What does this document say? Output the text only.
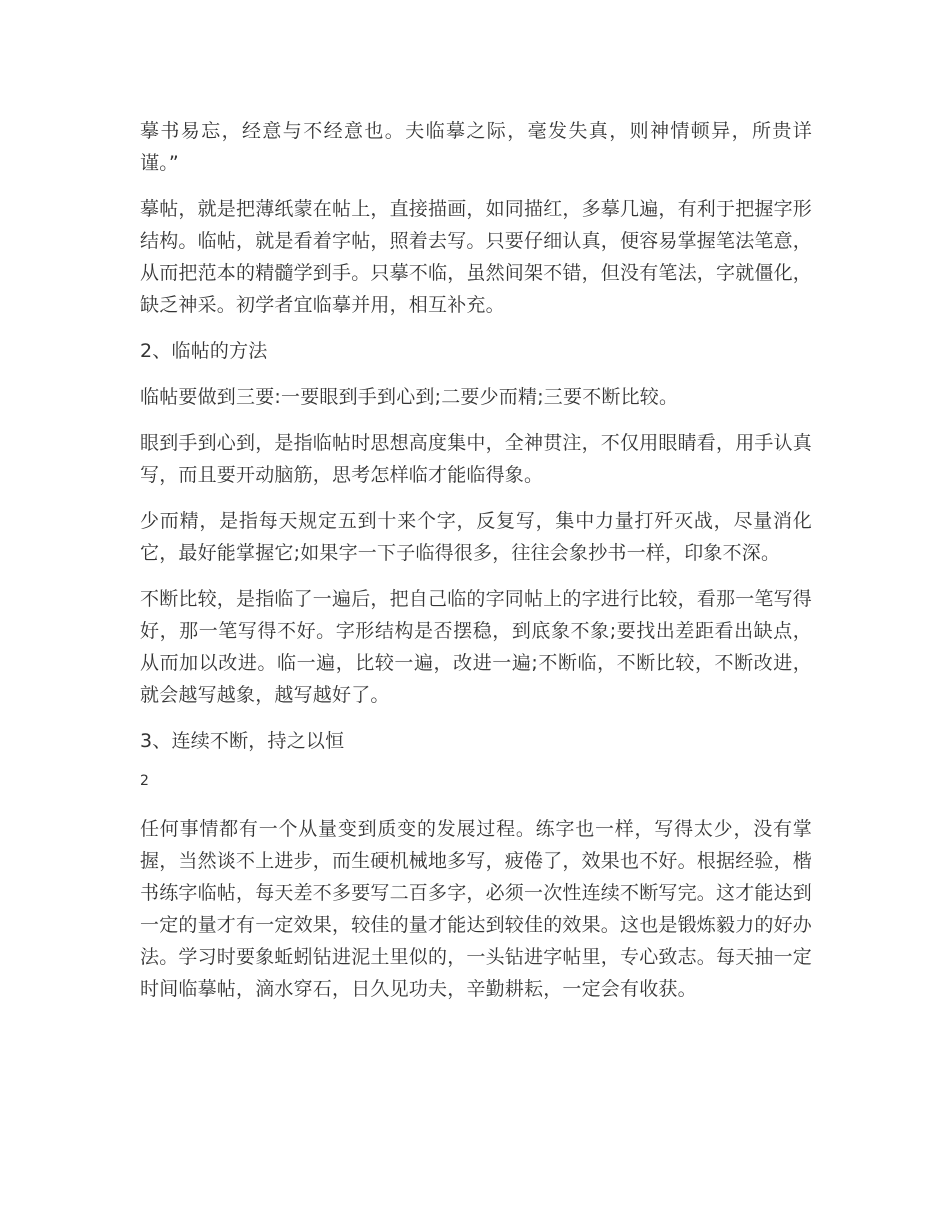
摹书易忘，经意与不经意也。夫临摹之际，毫发失真，则神情顿异，所贵详谨。”

摹帖，就是把薄纸蒙在帖上，直接描画，如同描红，多摹几遍，有利于把握字形结构。临帖，就是看着字帖，照着去写。只要仔细认真，便容易掌握笔法笔意，从而把范本的精髓学到手。只摹不临，虽然间架不错，但没有笔法，字就僵化，缺乏神采。初学者宜临摹并用，相互补充。

2、临帖的方法

临帖要做到三要:一要眼到手到心到;二要少而精;三要不断比较。

眼到手到心到，是指临帖时思想高度集中，全神贯注，不仅用眼睛看，用手认真写，而且要开动脑筋，思考怎样临才能临得象。

少而精，是指每天规定五到十来个字，反复写，集中力量打歼灭战，尽量消化它，最好能掌握它;如果字一下子临得很多，往往会象抄书一样，印象不深。

不断比较，是指临了一遍后，把自己临的字同帖上的字进行比较，看那一笔写得好，那一笔写得不好。字形结构是否摆稳，到底象不象;要找出差距看出缺点，从而加以改进。临一遍，比较一遍，改进一遍;不断临，不断比较，不断改进，就会越写越象，越写越好了。

3、连续不断，持之以恒

2

任何事情都有一个从量变到质变的发展过程。练字也一样，写得太少，没有掌握，当然谈不上进步，而生硬机械地多写，疲倦了，效果也不好。根据经验，楷书练字临帖，每天差不多要写二百多字，必须一次性连续不断写完。这才能达到一定的量才有一定效果，较佳的量才能达到较佳的效果。这也是锻炼毅力的好办法。学习时要象蚯蚓钻进泥土里似的，一头钻进字帖里，专心致志。每天抽一定时间临摹帖，滴水穿石，日久见功夫，辛勤耕耘，一定会有收获。
